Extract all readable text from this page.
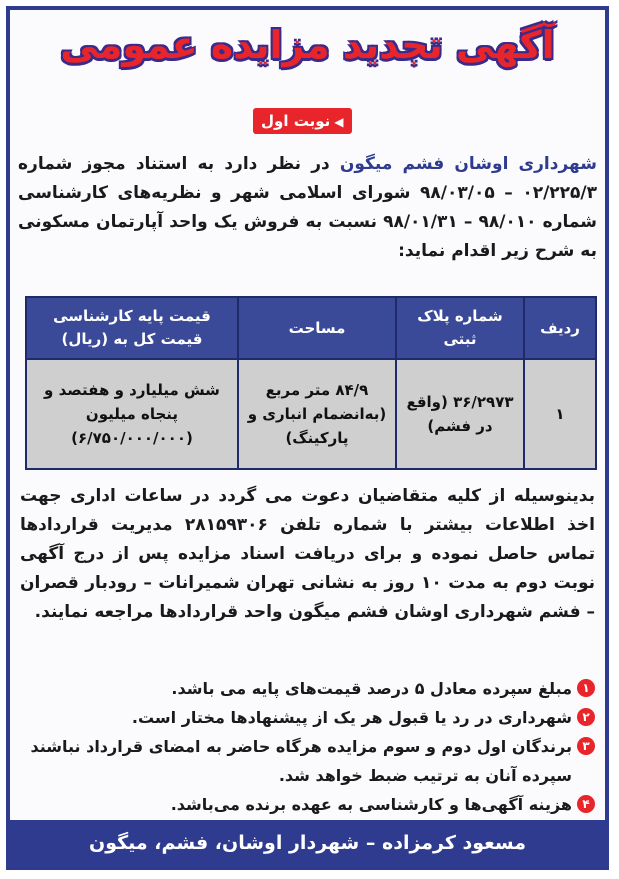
آگهی تجدید مزایده عمومی
◀نوبت اول
شهرداری اوشان فشم میگون در نظر دارد به استناد مجوز شماره ۰۲/۲۲۵/۳ – ۹۸/۰۳/۰۵ شورای اسلامی شهر و نظریه‌های کارشناسی شماره ۹۸/۰۱۰ – ۹۸/۰۱/۳۱ نسبت به فروش یک واحد آپارتمان مسکونی به شرح زیر اقدام نماید:
ردیف	شماره پلاک ثبتی	مساحت	قیمت پایه کارشناسی قیمت کل به (ریال)
۱	۳۶/۲۹۷۳ (واقع در فشم)	۸۴/۹ متر مربع (به‌انضمام انباری و پارکینگ)	شش میلیارد و هفتصد و پنجاه میلیون (۶/۷۵۰/۰۰۰/۰۰۰)
بدینوسیله از کلیه متقاضیان دعوت می گردد در ساعات اداری جهت اخذ اطلاعات بیشتر با شماره تلفن ۲۸۱۵۹۳۰۶ مدیریت قراردادها تماس حاصل نموده و برای دریافت اسناد مزایده پس از درج آگهی نوبت دوم به مدت ۱۰ روز به نشانی تهران شمیرانات – رودبار قصران – فشم شهرداری اوشان فشم میگون واحد قراردادها مراجعه نمایند.
۱
مبلغ سپرده معادل ۵ درصد قیمت‌های پایه می باشد.
۲
شهرداری در رد یا قبول هر یک از پیشنهادها مختار است.
۳
برندگان اول دوم و سوم مزایده هرگاه حاضر به امضای قرارداد نباشند سپرده آنان به ترتیب ضبط خواهد شد.
۴
هزینه آگهی‌ها و کارشناسی به عهده برنده می‌باشد.
مسعود کرمزاده – شهردار اوشان، فشم، میگون
